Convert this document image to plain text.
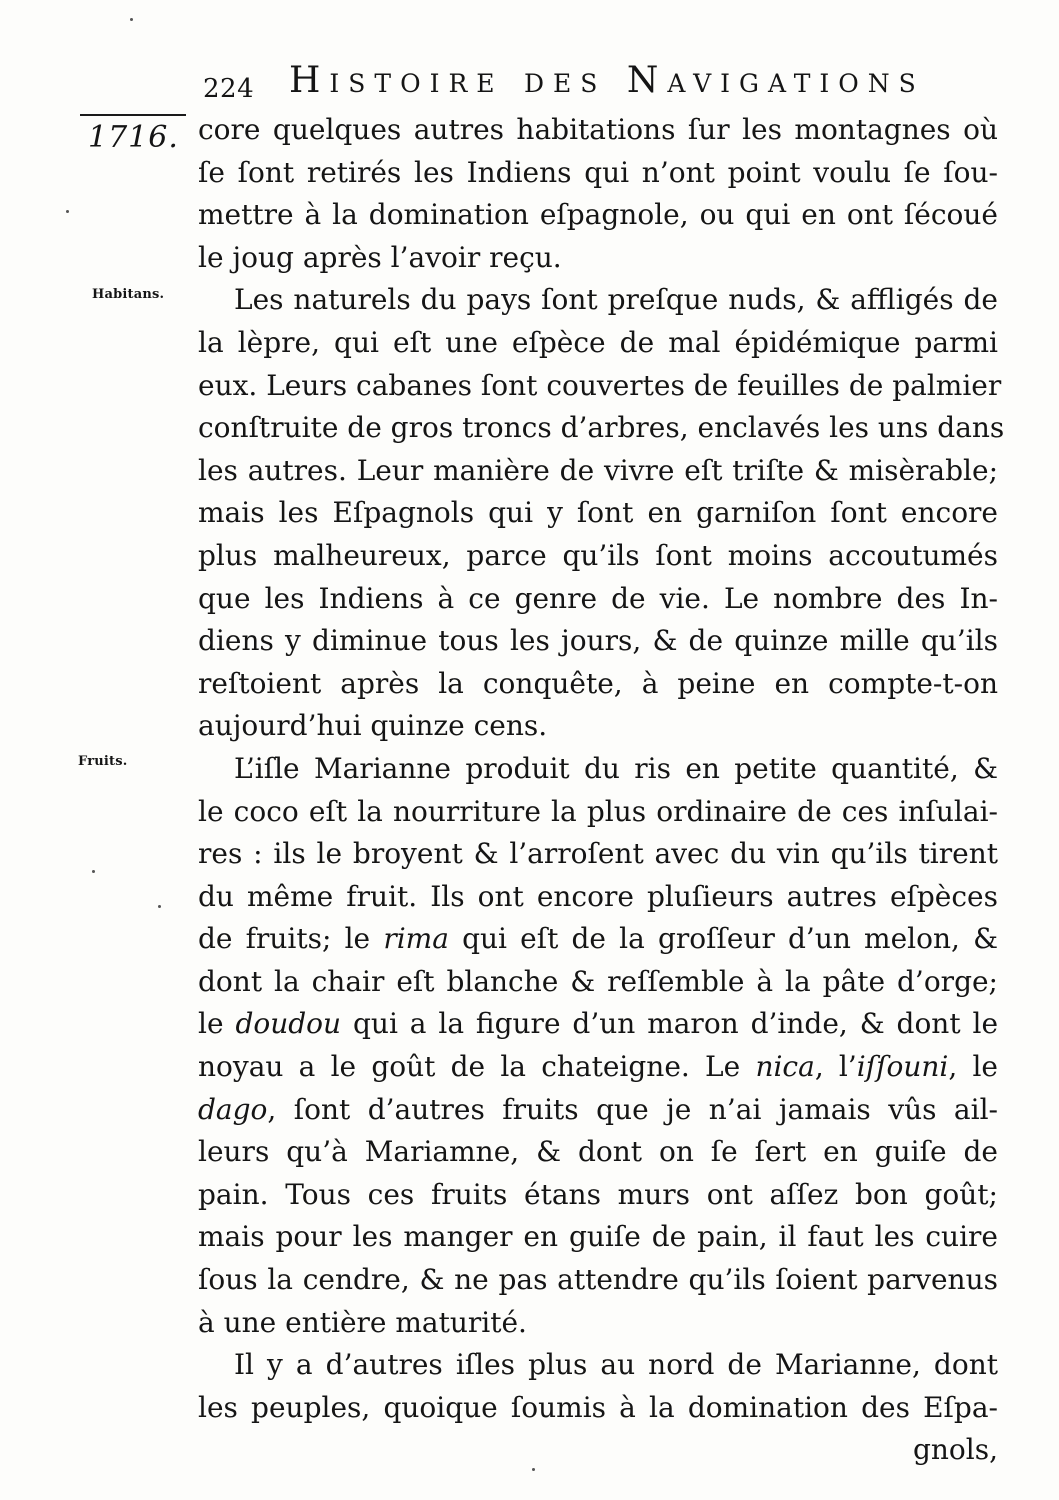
224 Histoire des Navigations
1716.
Habitans.
Fruits.
core quelques autres habitations ſur les montagnes où
ſe ſont retirés les Indiens qui n’ont point voulu ſe ſou-
mettre à la domination eſpagnole, ou qui en ont ſécoué
le joug après l’avoir reçu.
Les naturels du pays ſont preſque nuds, & affligés de
la lèpre, qui eſt une eſpèce de mal épidémique parmi
eux. Leurs cabanes ſont couvertes de feuilles de palmier
conſtruite de gros troncs d’arbres, enclavés les uns dans
les autres. Leur manière de vivre eſt triſte & misèrable;
mais les Eſpagnols qui y ſont en garniſon ſont encore
plus malheureux, parce qu’ils ſont moins accoutumés
que les Indiens à ce genre de vie. Le nombre des In-
diens y diminue tous les jours, & de quinze mille qu’ils
reſtoient après la conquête, à peine en compte-t-on
aujourd’hui quinze cens.
L’iſle Marianne produit du ris en petite quantité, &
le coco eſt la nourriture la plus ordinaire de ces inſulai-
res : ils le broyent & l’arroſent avec du vin qu’ils tirent
du même fruit. Ils ont encore pluſieurs autres eſpèces
de fruits; le rima qui eſt de la groſſeur d’un melon, &
dont la chair eſt blanche & reſſemble à la pâte d’orge;
le doudou qui a la figure d’un maron d’inde, & dont le
noyau a le goût de la chateigne. Le nica, l’iſſouni, le
dago, ſont d’autres fruits que je n’ai jamais vûs ail-
leurs qu’à Mariamne, & dont on ſe ſert en guiſe de
pain. Tous ces fruits étans murs ont aſſez bon goût;
mais pour les manger en guiſe de pain, il faut les cuire
ſous la cendre, & ne pas attendre qu’ils ſoient parvenus
à une entière maturité.
Il y a d’autres iſles plus au nord de Marianne, dont
les peuples, quoique ſoumis à la domination des Eſpa-
gnols,
